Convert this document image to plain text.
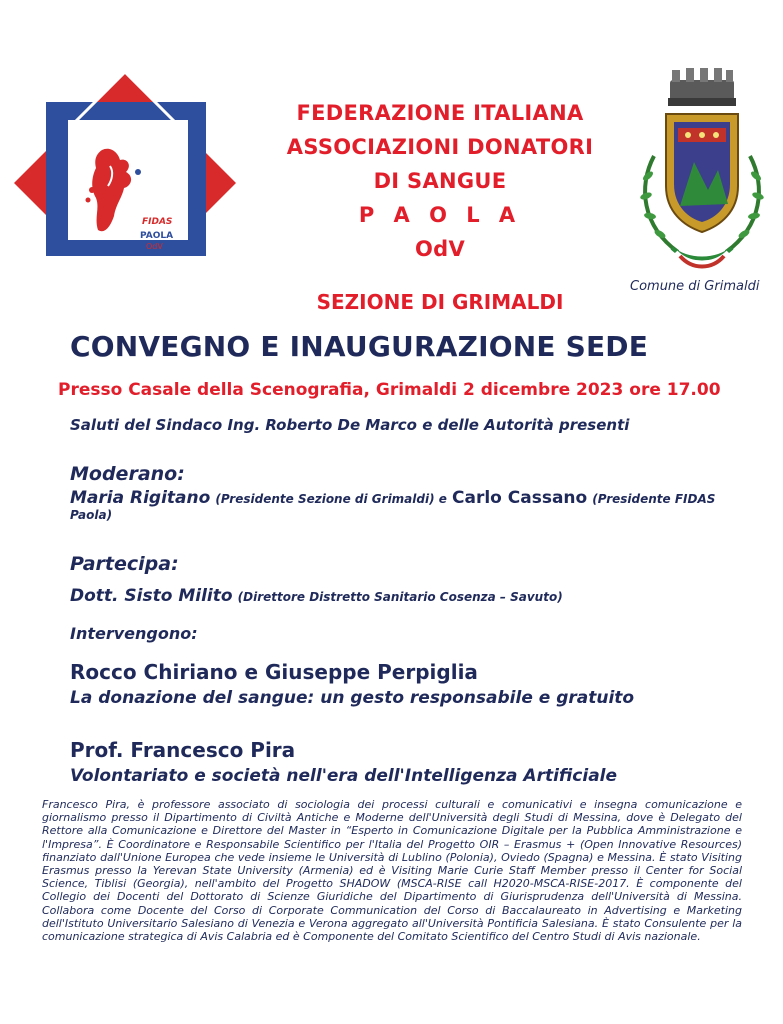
FIDAS
PAOLA
OdV
FEDERAZIONE ITALIANA
ASSOCIAZIONI DONATORI
DI SANGUE
P A O L A
OdV
Comune di Grimaldi
SEZIONE DI GRIMALDI
CONVEGNO E INAUGURAZIONE SEDE
Presso Casale della Scenografia, Grimaldi 2 dicembre 2023 ore 17.00
Saluti del Sindaco Ing. Roberto De Marco e delle Autorità presenti
Moderano:
Maria Rigitano (Presidente Sezione di Grimaldi) e Carlo Cassano (Presidente FIDAS
Paola)
Partecipa:
Dott. Sisto Milito (Direttore Distretto Sanitario Cosenza – Savuto)
Intervengono:
Rocco Chiriano e Giuseppe Perpiglia
La donazione del sangue: un gesto responsabile e gratuito
Prof. Francesco Pira
Volontariato e società nell'era dell'Intelligenza Artificiale
Francesco Pira, è professore associato di sociologia dei processi culturali e comunicativi e insegna comunicazione e giornalismo presso il Dipartimento di Civiltà Antiche e Moderne dell'Università degli Studi di Messina, dove è Delegato del Rettore alla Comunicazione e Direttore del Master in “Esperto in Comunicazione Digitale per la Pubblica Amministrazione e l'Impresa”. È Coordinatore e Responsabile Scientifico per l'Italia del Progetto OIR – Erasmus + (Open Innovative Resources) finanziato dall'Unione Europea che vede insieme le Università di Lublino (Polonia), Oviedo (Spagna) e Messina. È stato Visiting Erasmus presso la Yerevan State University (Armenia) ed è Visiting Marie Curie Staff Member presso il Center for Social Science, Tiblisi (Georgia), nell'ambito del Progetto SHADOW (MSCA-RISE call H2020-MSCA-RISE-2017. È componente del Collegio dei Docenti del Dottorato di Scienze Giuridiche del Dipartimento di Giurisprudenza dell'Università di Messina. Collabora come Docente del Corso di Corporate Communication del Corso di Baccalaureato in Advertising e Marketing dell'Istituto Universitario Salesiano di Venezia e Verona aggregato all'Università Pontificia Salesiana. È stato Consulente per la comunicazione strategica di Avis Calabria ed è Componente del Comitato Scientifico del Centro Studi di Avis nazionale.
